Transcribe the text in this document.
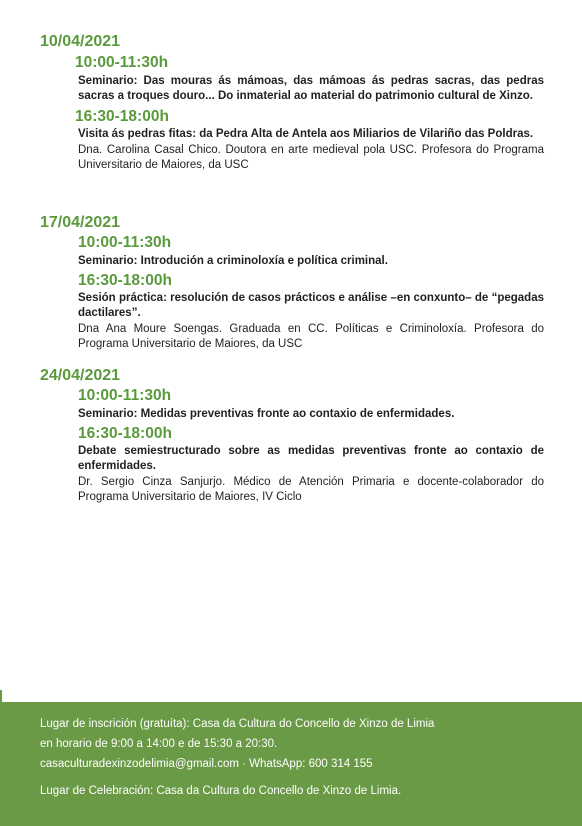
10/04/2021
10:00-11:30h
Seminario: Das mouras ás mámoas, das mámoas ás pedras sacras, das pedras sacras a troques douro... Do inmaterial ao material do patrimonio cultural de Xinzo.
16:30-18:00h
Visita ás pedras fitas: da Pedra Alta de Antela aos Miliarios de Vilariño das Poldras.
Dna. Carolina Casal Chico. Doutora en arte medieval pola USC. Profesora do Programa Universitario de Maiores, da USC
17/04/2021
10:00-11:30h
Seminario: Introdución a criminoloxía e política criminal.
16:30-18:00h
Sesión práctica: resolución de casos prácticos e análise –en conxunto– de “pegadas dactilares”.
Dna Ana Moure Soengas. Graduada en CC. Políticas e Criminoloxía. Profesora do Programa Universitario de Maiores, da USC
24/04/2021
10:00-11:30h
Seminario: Medidas preventivas fronte ao contaxio de enfermidades.
16:30-18:00h
Debate semiestructurado sobre as medidas preventivas fronte ao contaxio de enfermidades.
Dr. Sergio Cinza Sanjurjo. Médico de Atención Primaria e docente-colaborador do Programa Universitario de Maiores, IV Ciclo
Lugar de inscrición (gratuíta): Casa da Cultura do Concello de Xinzo de Limia
en horario de 9:00 a 14:00 e de 15:30 a 20:30.
casaculturadexinzodelimia@gmail.com · WhatsApp: 600 314 155
Lugar de Celebración: Casa da Cultura do Concello de Xinzo de Limia.
